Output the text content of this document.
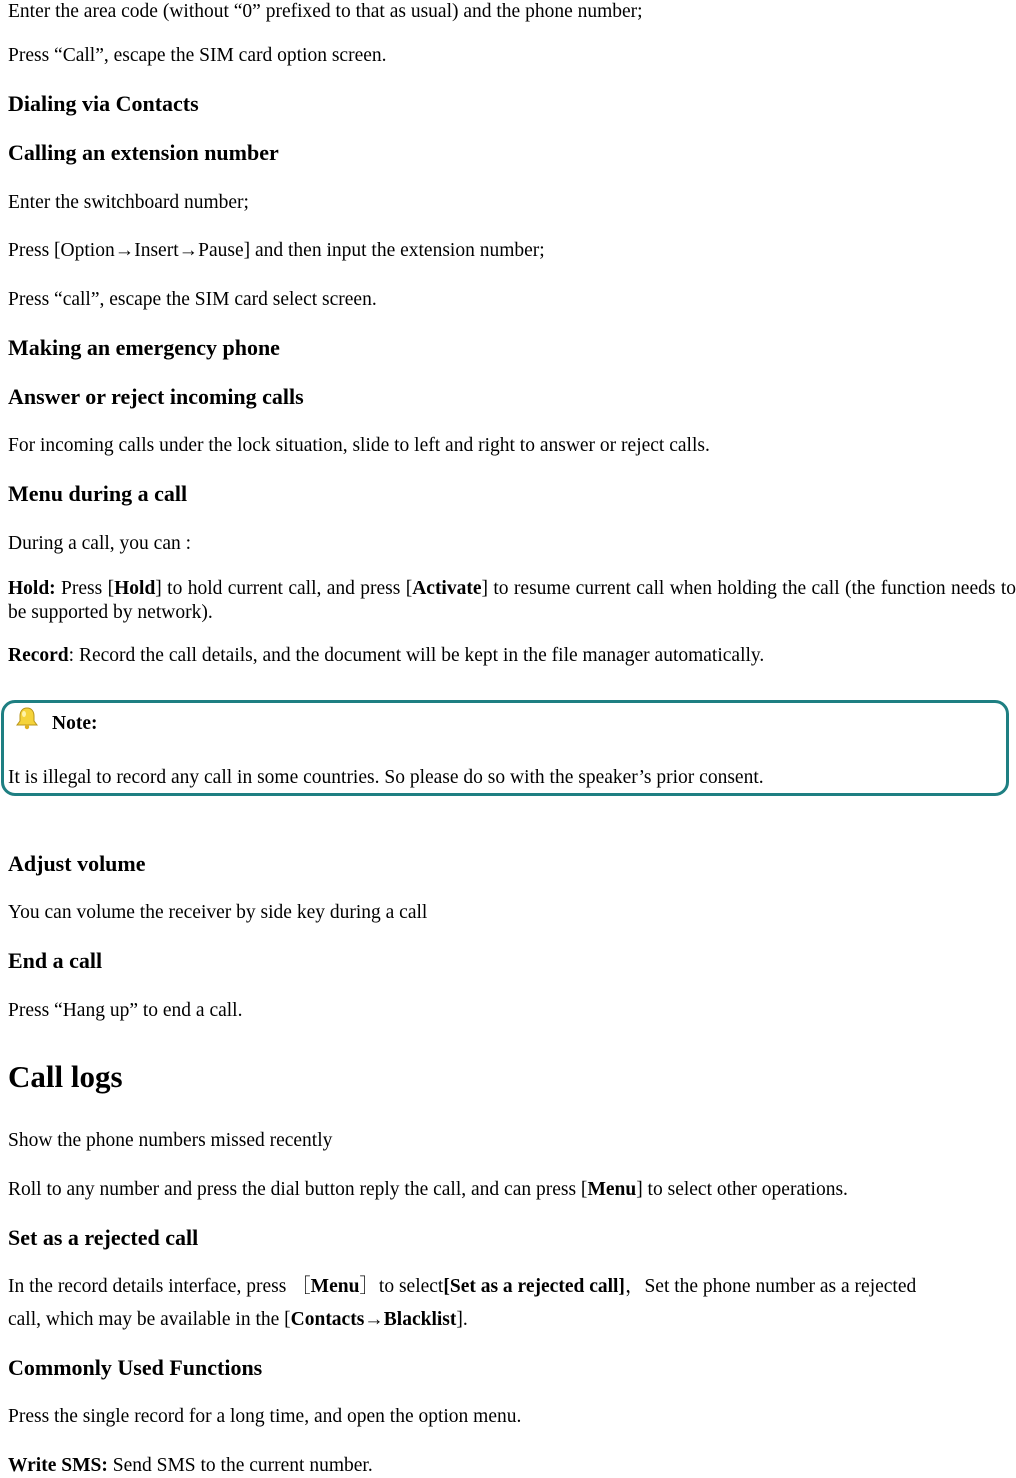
Enter the area code (without “0” prefixed to that as usual) and the phone number;
Press “Call”, escape the SIM card option screen.
Dialing via Contacts
Calling an extension number
Enter the switchboard number;
Press [Option→Insert→Pause] and then input the extension number;
Press “call”, escape the SIM card select screen.
Making an emergency phone
Answer or reject incoming calls
For incoming calls under the lock situation, slide to left and right to answer or reject calls.
Menu during a call
During a call, you can :
Hold: Press [Hold] to hold current call, and press [Activate] to resume current call when holding the call (the function needs to be supported by network).
Record: Record the call details, and the document will be kept in the file manager automatically.
Note:
It is illegal to record any call in some countries. So please do so with the speaker’s prior consent.
Adjust volume
You can volume the receiver by side key during a call
End a call
Press “Hang up” to end a call.
Call logs
Show the phone numbers missed recently
Roll to any number and press the dial button reply the call, and can press [Menu] to select other operations.
Set as a rejected call
In the record details interface, press ［Menu］to select[Set as a rejected call]，Set the phone number as a rejected
call, which may be available in the [Contacts→Blacklist].
Commonly Used Functions
Press the single record for a long time, and open the option menu.
Write SMS: Send SMS to the current number.
